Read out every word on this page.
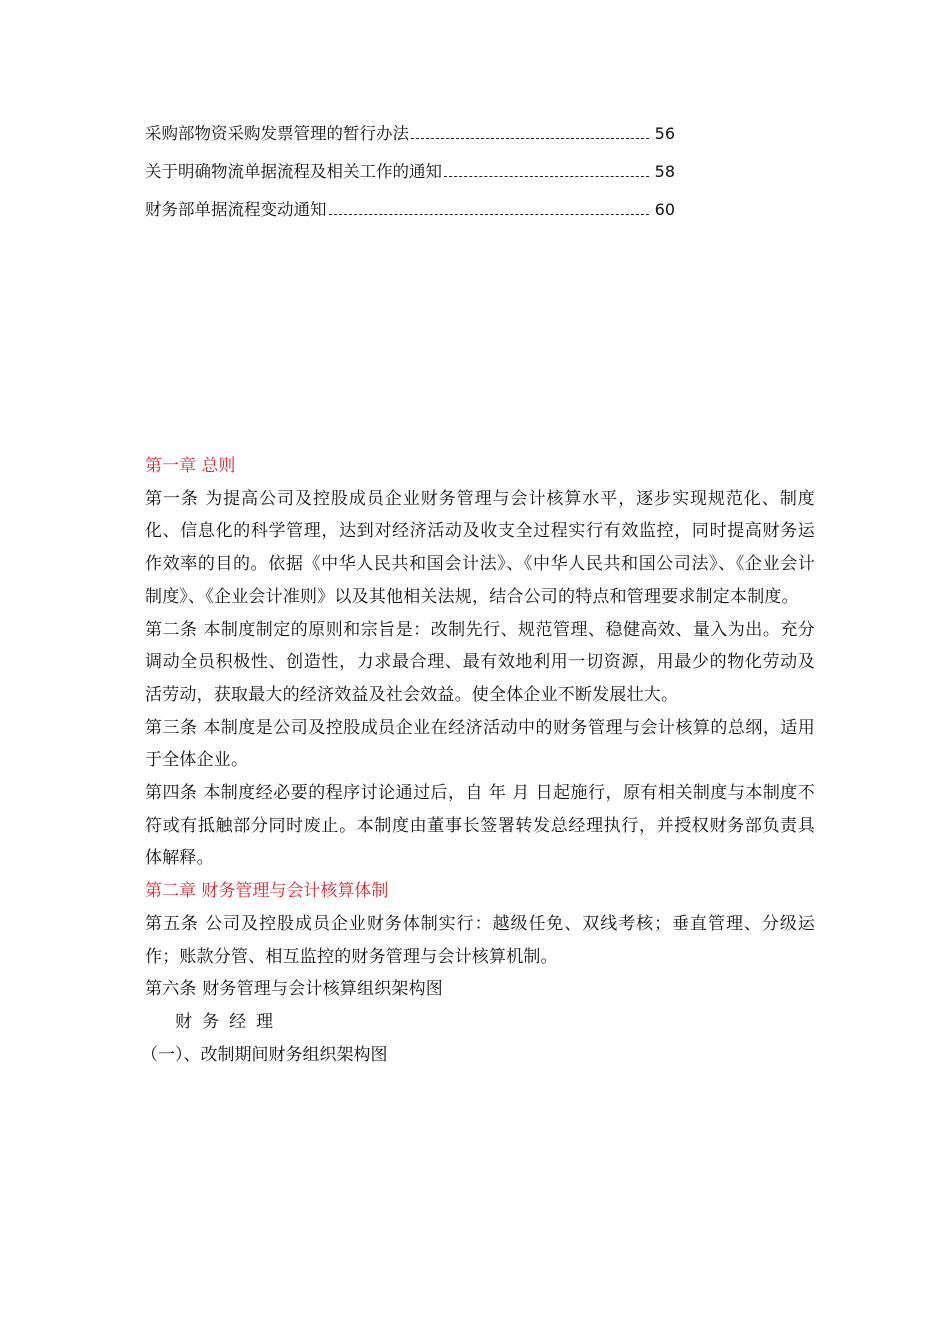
采购部物资采购发票管理的暂行办法	56
关于明确物流单据流程及相关工作的通知	58
财务部单据流程变动通知	60

第一章 总则

第一条 为提高公司及控股成员企业财务管理与会计核算水平，逐步实现规范化、制度化、信息化的科学管理，达到对经济活动及收支全过程实行有效监控，同时提高财务运作效率的目的。依据《中华人民共和国会计法》、《中华人民共和国公司法》、《企业会计制度》、《企业会计准则》以及其他相关法规，结合公司的特点和管理要求制定本制度。

第二条 本制度制定的原则和宗旨是：改制先行、规范管理、稳健高效、量入为出。充分调动全员积极性、创造性，力求最合理、最有效地利用一切资源，用最少的物化劳动及活劳动，获取最大的经济效益及社会效益。使全体企业不断发展壮大。

第三条 本制度是公司及控股成员企业在经济活动中的财务管理与会计核算的总纲，适用于全体企业。

第四条 本制度经必要的程序讨论通过后，自 年 月 日起施行，原有相关制度与本制度不符或有抵触部分同时废止。本制度由董事长签署转发总经理执行，并授权财务部负责具体解释。

第二章 财务管理与会计核算体制

第五条 公司及控股成员企业财务体制实行：越级任免、双线考核；垂直管理、分级运作；账款分管、相互监控的财务管理与会计核算机制。

第六条 财务管理与会计核算组织架构图

财务经理

（一）、改制期间财务组织架构图
